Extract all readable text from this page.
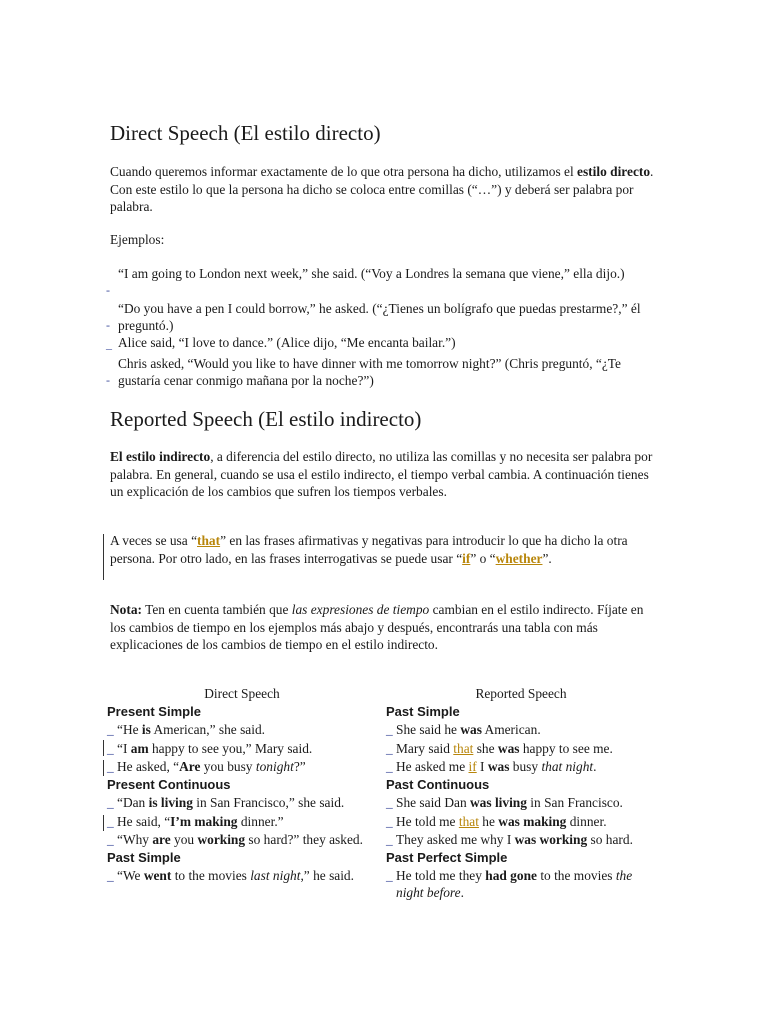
Direct Speech (El estilo directo)
Cuando queremos informar exactamente de lo que otra persona ha dicho, utilizamos el estilo directo. Con este estilo lo que la persona ha dicho se coloca entre comillas (“…”) y deberá ser palabra por palabra.
Ejemplos:
-
“I am going to London next week,” she said. (“Voy a Londres la semana que viene,” ella dijo.)
-
“Do you have a pen I could borrow,” he asked. (“¿Tienes un bolígrafo que puedas prestarme?,” él preguntó.)
_ Alice said, “I love to dance.” (Alice dijo, “Me encanta bailar.”)
-
Chris asked, “Would you like to have dinner with me tomorrow night?” (Chris preguntó, “¿Te gustaría cenar conmigo mañana por la noche?”)
Reported Speech (El estilo indirecto)
El estilo indirecto, a diferencia del estilo directo, no utiliza las comillas y no necesita ser palabra por palabra. En general, cuando se usa el estilo indirecto, el tiempo verbal cambia. A continuación tienes un explicación de los cambios que sufren los tiempos verbales.
A veces se usa “that” en las frases afirmativas y negativas para introducir lo que ha dicho la otra persona. Por otro lado, en las frases interrogativas se puede usar “if” o “whether”.
Nota: Ten en cuenta también que las expresiones de tiempo cambian en el estilo indirecto. Fíjate en los cambios de tiempo en los ejemplos más abajo y después, encontrarás una tabla con más explicaciones de los cambios de tiempo en el estilo indirecto.
Direct Speech
Present Simple
_ “He is American,” she said.
_ “I am happy to see you,” Mary said.
_ He asked, “Are you busy tonight?”
Present Continuous
_ “Dan is living in San Francisco,” she said.
_ He said, “I’m making dinner.”
_ “Why are you working so hard?” they asked.
Past Simple
_ “We went to the movies last night,” he said.
Reported Speech
Past Simple
_ She said he was American.
_ Mary said that she was happy to see me.
_ He asked me if I was busy that night.
Past Continuous
_ She said Dan was living in San Francisco.
_ He told me that he was making dinner.
_ They asked me why I was working so hard.
Past Perfect Simple
_ He told me they had gone to the movies the night before.
